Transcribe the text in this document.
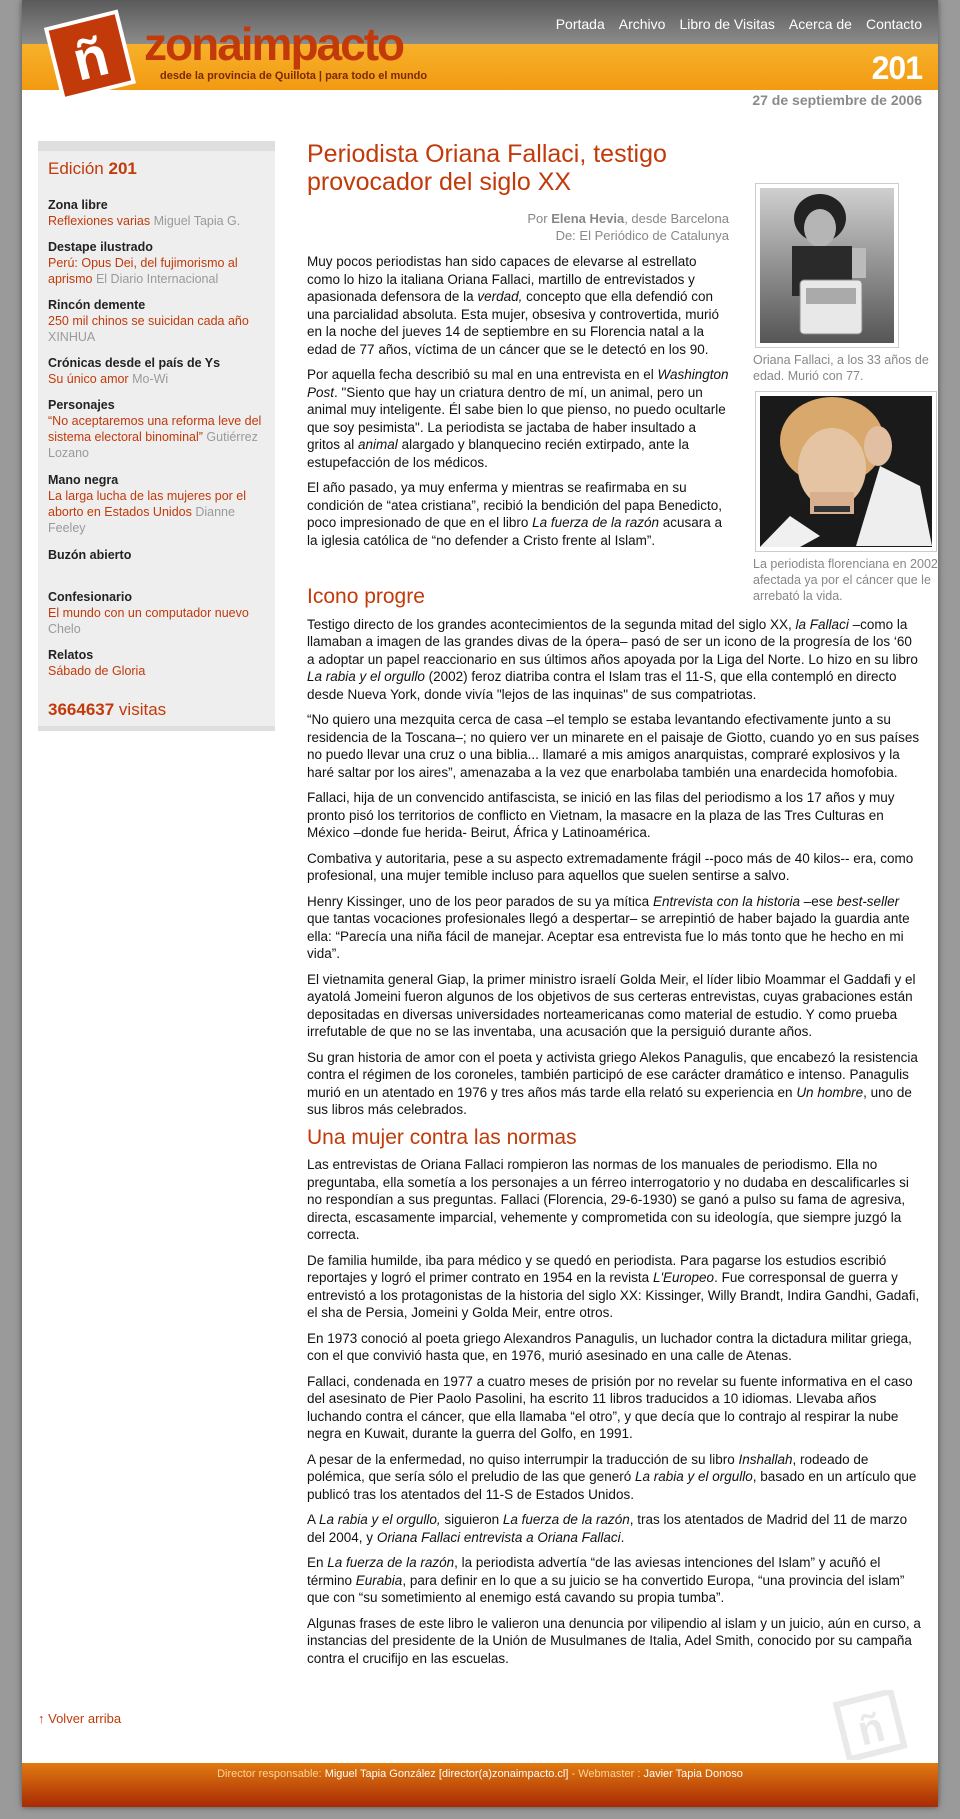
ñ zonaimpacto
desde la provincia de Quillota | para todo el mundo
Portada Archivo Libro de Visitas Acerca de Contacto
201
27 de septiembre de 2006
Edición 201
Zona libre
Reflexiones varias Miguel Tapia G.
Destape ilustrado
Perú: Opus Dei, del fujimorismo al aprismo El Diario Internacional
Rincón demente
250 mil chinos se suicidan cada año XINHUA
Crónicas desde el país de Ys
Su único amor Mo-Wi
Personajes
“No aceptaremos una reforma leve del sistema electoral binominal” Gutiérrez Lozano
Mano negra
La larga lucha de las mujeres por el aborto en Estados Unidos Dianne Feeley
Buzón abierto
Confesionario
El mundo con un computador nuevo Chelo
Relatos
Sábado de Gloria
3664637 visitas
Periodista Oriana Fallaci, testigo provocador del siglo XX
Por Elena Hevia, desde Barcelona
De: El Periódico de Catalunya
Oriana Fallaci, a los 33 años de edad. Murió con 77.
La periodista florenciana en 2002, afectada ya por el cáncer que le arrebató la vida.

Muy pocos periodistas han sido capaces de elevarse al estrellato como lo hizo la italiana Oriana Fallaci, martillo de entrevistados y apasionada defensora de la verdad, concepto que ella defendió con una parcialidad absoluta. Esta mujer, obsesiva y controvertida, murió en la noche del jueves 14 de septiembre en su Florencia natal a la edad de 77 años, víctima de un cáncer que se le detectó en los 90.

Por aquella fecha describió su mal en una entrevista en el Washington Post. "Siento que hay un criatura dentro de mí, un animal, pero un animal muy inteligente. Él sabe bien lo que pienso, no puedo ocultarle que soy pesimista". La periodista se jactaba de haber insultado a gritos al animal alargado y blanquecino recién extirpado, ante la estupefacción de los médicos.

El año pasado, ya muy enferma y mientras se reafirmaba en su condición de “atea cristiana”, recibió la bendición del papa Benedicto, poco impresionado de que en el libro La fuerza de la razón acusara a la iglesia católica de “no defender a Cristo frente al Islam”.

Icono progre

Testigo directo de los grandes acontecimientos de la segunda mitad del siglo XX, la Fallaci –como la llamaban a imagen de las grandes divas de la ópera– pasó de ser un icono de la progresía de los ‘60 a adoptar un papel reaccionario en sus últimos años apoyada por la Liga del Norte. Lo hizo en su libro La rabia y el orgullo (2002) feroz diatriba contra el Islam tras el 11-S, que ella contempló en directo desde Nueva York, donde vivía "lejos de las inquinas" de sus compatriotas.

“No quiero una mezquita cerca de casa –el templo se estaba levantando efectivamente junto a su residencia de la Toscana–; no quiero ver un minarete en el paisaje de Giotto, cuando yo en sus países no puedo llevar una cruz o una biblia... llamaré a mis amigos anarquistas, compraré explosivos y la haré saltar por los aires”, amenazaba a la vez que enarbolaba también una enardecida homofobia.

Fallaci, hija de un convencido antifascista, se inició en las filas del periodismo a los 17 años y muy pronto pisó los territorios de conflicto en Vietnam, la masacre en la plaza de las Tres Culturas en México –donde fue herida- Beirut, África y Latinoamérica.

Combativa y autoritaria, pese a su aspecto extremadamente frágil --poco más de 40 kilos-- era, como profesional, una mujer temible incluso para aquellos que suelen sentirse a salvo.

Henry Kissinger, uno de los peor parados de su ya mítica Entrevista con la historia –ese best-seller que tantas vocaciones profesionales llegó a despertar– se arrepintió de haber bajado la guardia ante ella: “Parecía una niña fácil de manejar. Aceptar esa entrevista fue lo más tonto que he hecho en mi vida”.

El vietnamita general Giap, la primer ministro israelí Golda Meir, el líder libio Moammar el Gaddafi y el ayatolá Jomeini fueron algunos de los objetivos de sus certeras entrevistas, cuyas grabaciones están depositadas en diversas universidades norteamericanas como material de estudio. Y como prueba irrefutable de que no se las inventaba, una acusación que la persiguió durante años.

Su gran historia de amor con el poeta y activista griego Alekos Panagulis, que encabezó la resistencia contra el régimen de los coroneles, también participó de ese carácter dramático e intenso. Panagulis murió en un atentado en 1976 y tres años más tarde ella relató su experiencia en Un hombre, uno de sus libros más celebrados.

Una mujer contra las normas

Las entrevistas de Oriana Fallaci rompieron las normas de los manuales de periodismo. Ella no preguntaba, ella sometía a los personajes a un férreo interrogatorio y no dudaba en descalificarles si no respondían a sus preguntas. Fallaci (Florencia, 29-6-1930) se ganó a pulso su fama de agresiva, directa, escasamente imparcial, vehemente y comprometida con su ideología, que siempre juzgó la correcta.

De familia humilde, iba para médico y se quedó en periodista. Para pagarse los estudios escribió reportajes y logró el primer contrato en 1954 en la revista L'Europeo. Fue corresponsal de guerra y entrevistó a los protagonistas de la historia del siglo XX: Kissinger, Willy Brandt, Indira Gandhi, Gadafi, el sha de Persia, Jomeini y Golda Meir, entre otros.

En 1973 conoció al poeta griego Alexandros Panagulis, un luchador contra la dictadura militar griega, con el que convivió hasta que, en 1976, murió asesinado en una calle de Atenas.

Fallaci, condenada en 1977 a cuatro meses de prisión por no revelar su fuente informativa en el caso del asesinato de Pier Paolo Pasolini, ha escrito 11 libros traducidos a 10 idiomas. Llevaba años luchando contra el cáncer, que ella llamaba “el otro”, y que decía que lo contrajo al respirar la nube negra en Kuwait, durante la guerra del Golfo, en 1991.

A pesar de la enfermedad, no quiso interrumpir la traducción de su libro Inshallah, rodeado de polémica, que sería sólo el preludio de las que generó La rabia y el orgullo, basado en un artículo que publicó tras los atentados del 11-S de Estados Unidos.

A La rabia y el orgullo, siguieron La fuerza de la razón, tras los atentados de Madrid del 11 de marzo del 2004, y Oriana Fallaci entrevista a Oriana Fallaci.

En La fuerza de la razón, la periodista advertía “de las aviesas intenciones del Islam” y acuñó el término Eurabia, para definir en lo que a su juicio se ha convertido Europa, “una provincia del islam” que con “su sometimiento al enemigo está cavando su propia tumba”.

Algunas frases de este libro le valieron una denuncia por vilipendio al islam y un juicio, aún en curso, a instancias del presidente de la Unión de Musulmanes de Italia, Adel Smith, conocido por su campaña contra el crucifijo en las escuelas.

↑ Volver arriba	ñ
Director responsable: Miguel Tapia González [director(a)zonaimpacto.cl] - Webmaster : Javier Tapia Donoso
